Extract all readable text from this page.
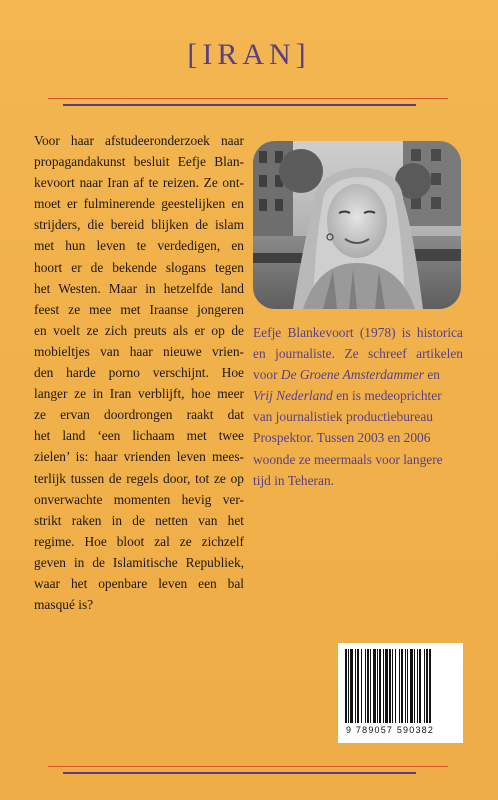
[IRAN]
Voor haar afstudeeronderzoek naar
propagandakunst besluit Eefje Blan-
kevoort naar Iran af te reizen. Ze ont-
moet er fulminerende geestelijken en
strijders, die bereid blijken de islam
met hun leven te verdedigen, en
hoort er de bekende slogans tegen
het Westen. Maar in hetzelfde land
feest ze mee met Iraanse jongeren
en voelt ze zich preuts als er op de
mobieltjes van haar nieuwe vrien-
den harde porno verschijnt. Hoe
langer ze in Iran verblijft, hoe meer
ze ervan doordrongen raakt dat
het land ‘een lichaam met twee
zielen’ is: haar vrienden leven mees-
terlijk tussen de regels door, tot ze op
onverwachte momenten hevig ver-
strikt raken in de netten van het
regime. Hoe bloot zal ze zichzelf
geven in de Islamitische Republiek,
waar het openbare leven een bal
masqué is?
Eefje Blankevoort (1978) is historica
en journaliste. Ze schreef artikelen
voor De Groene Amsterdammer en
Vrij Nederland en is medeoprichter
van journalistiek productiebureau
Prospektor. Tussen 2003 en 2006
woonde ze meermaals voor langere
tijd in Teheran.
9 789057 590382
